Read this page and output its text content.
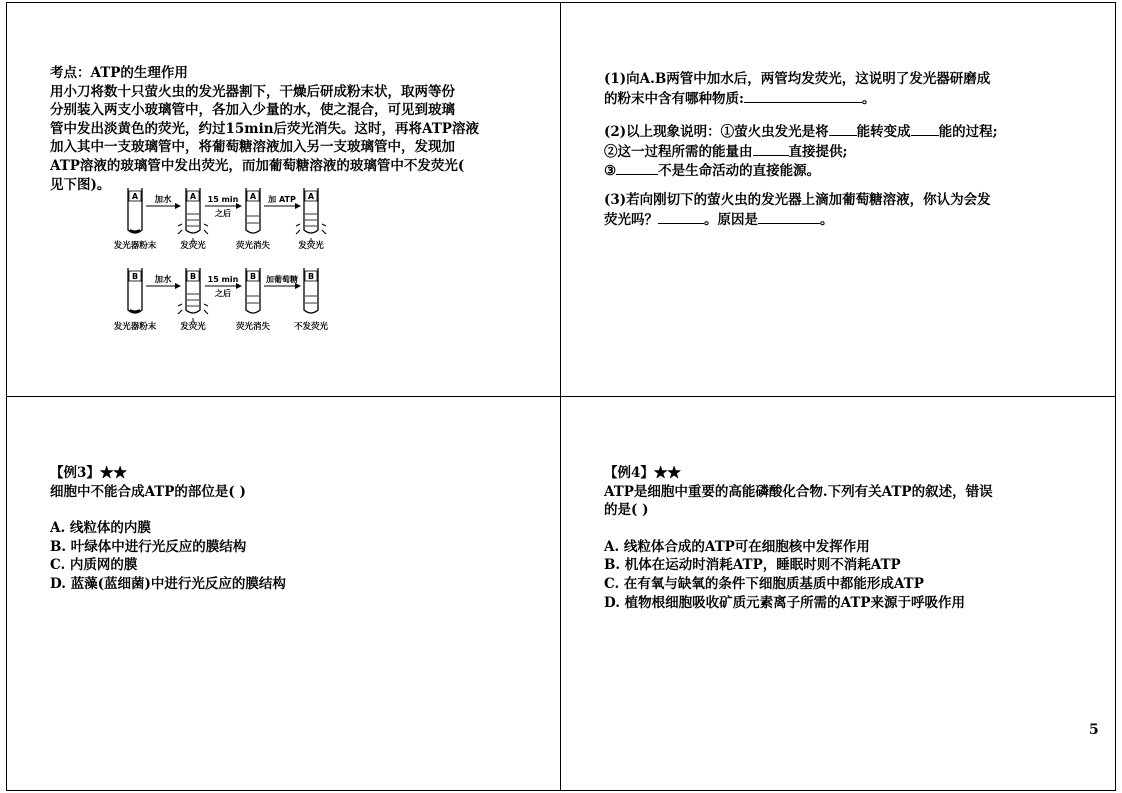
考点：ATP的生理作用
用小刀将数十只萤火虫的发光器割下，干燥后研成粉末状，取两等份
分别装入两支小玻璃管中，各加入少量的水，使之混合，可见到玻璃
管中发出淡黄色的荧光，约过15min后荧光消失。这时，再将ATP溶液
加入其中一支玻璃管中，将葡萄糖溶液加入另一支玻璃管中，发现加
ATP溶液的玻璃管中发出荧光，而加葡萄糖溶液的玻璃管中不发荧光(
见下图)。
A	A	A	A
加水	15 min
之后
加 ATP
发光器粉末	发荧光	荧光消失	发荧光
B	B	B	B
加水	15 min
之后
加葡萄糖
发光器粉末	发荧光	荧光消失	不发荧光
(1)向A.B两管中加水后，两管均发荧光，这说明了发光器研磨成
的粉末中含有哪种物质:	。
(2)以上现象说明：①萤火虫发光是将 能转变成 能的过程;
②这一过程所需的能量由	直接提供;
③	不是生命活动的直接能源。
(3)若向刚切下的萤火虫的发光器上滴加葡萄糖溶液，你认为会发
荧光吗？	。原因是	。
【例3】★★
细胞中不能合成ATP的部位是( )
A. 线粒体的内膜
B. 叶绿体中进行光反应的膜结构
C. 内质网的膜
D. 蓝藻(蓝细菌)中进行光反应的膜结构
【例4】★★
ATP是细胞中重要的高能磷酸化合物.下列有关ATP的叙述，错误
的是( )
A. 线粒体合成的ATP可在细胞核中发挥作用
B. 机体在运动时消耗ATP，睡眠时则不消耗ATP
C. 在有氧与缺氧的条件下细胞质基质中都能形成ATP
D. 植物根细胞吸收矿质元素离子所需的ATP来源于呼吸作用
5
